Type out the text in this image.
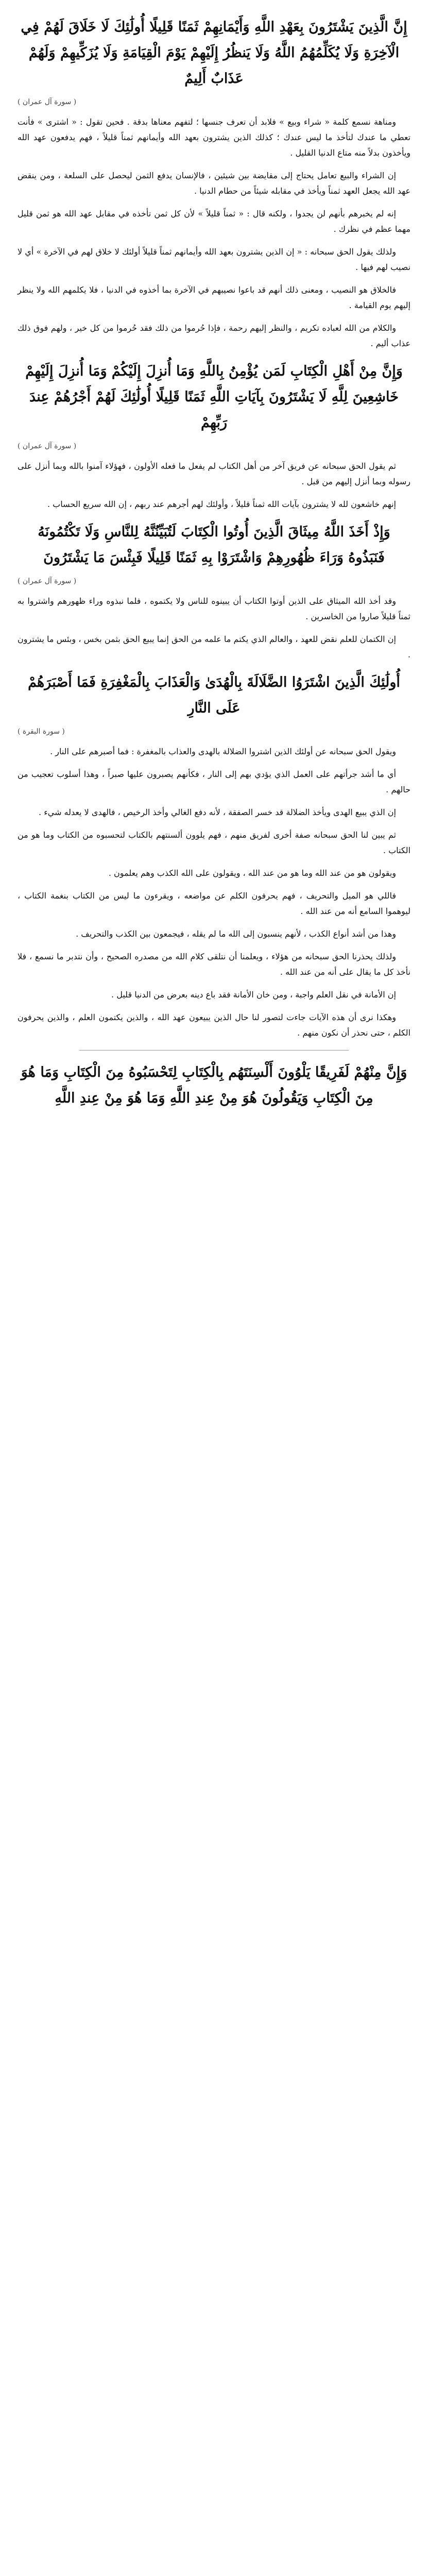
إِنَّ الَّذِينَ يَشْتَرُونَ بِعَهْدِ اللَّهِ وَأَيْمَانِهِمْ ثَمَنًا قَلِيلًا أُولَٰئِكَ لَا خَلَاقَ لَهُمْ فِي الْآخِرَةِ وَلَا يُكَلِّمُهُمُ اللَّهُ وَلَا يَنظُرُ إِلَيْهِمْ يَوْمَ الْقِيَامَةِ وَلَا يُزَكِّيهِمْ وَلَهُمْ عَذَابٌ أَلِيمٌ
( سورة آل عمران )

ومناهة نسمع كلمة « شراء وبيع » فلابد أن تعرف جنسها ؛ لتفهم معناها بدقة . فحين تقول : « اشترى » فأنت تعطي ما عندك لتأخذ ما ليس عندك ؛ كذلك الذين يشترون بعهد الله وأيمانهم ثمناً قليلاً ، فهم يدفعون عهد الله ويأخذون بدلاً منه متاع الدنيا القليل .

إن الشراء والبيع تعامل يحتاج إلى مقايضة بين شيئين ، فالإنسان يدفع الثمن ليحصل على السلعة ، ومن ينقض عهد الله يجعل العهد ثمناً ويأخذ في مقابله شيئاً من حطام الدنيا .

إنه لم يخبرهم بأنهم لن يجدوا ، ولكنه قال : « ثمناً قليلاً » لأن كل ثمن تأخذه في مقابل عهد الله هو ثمن قليل مهما عظم في نظرك .

ولذلك يقول الحق سبحانه : « إن الذين يشترون بعهد الله وأيمانهم ثمناً قليلاً أولئك لا خلاق لهم في الآخرة » أي لا نصيب لهم فيها .

فالخلاق هو النصيب ، ومعنى ذلك أنهم قد باعوا نصيبهم في الآخرة بما أخذوه في الدنيا ، فلا يكلمهم الله ولا ينظر إليهم يوم القيامة .

والكلام من الله لعباده تكريم ، والنظر إليهم رحمة ، فإذا حُرموا من ذلك فقد حُرموا من كل خير ، ولهم فوق ذلك عذاب أليم .

وَإِنَّ مِنْ أَهْلِ الْكِتَابِ لَمَن يُؤْمِنُ بِاللَّهِ وَمَا أُنزِلَ إِلَيْكُمْ وَمَا أُنزِلَ إِلَيْهِمْ خَاشِعِينَ لِلَّهِ لَا يَشْتَرُونَ بِآيَاتِ اللَّهِ ثَمَنًا قَلِيلًا أُولَٰئِكَ لَهُمْ أَجْرُهُمْ عِندَ رَبِّهِمْ
( سورة آل عمران )

ثم يقول الحق سبحانه عن فريق آخر من أهل الكتاب لم يفعل ما فعله الأولون ، فهؤلاء آمنوا بالله وبما أنزل على رسوله وبما أنزل إليهم من قبل .

إنهم خاشعون لله لا يشترون بآيات الله ثمناً قليلاً ، وأولئك لهم أجرهم عند ربهم ، إن الله سريع الحساب .

وَإِذْ أَخَذَ اللَّهُ مِيثَاقَ الَّذِينَ أُوتُوا الْكِتَابَ لَتُبَيِّنُنَّهُ لِلنَّاسِ وَلَا تَكْتُمُونَهُ فَنَبَذُوهُ وَرَاءَ ظُهُورِهِمْ وَاشْتَرَوْا بِهِ ثَمَنًا قَلِيلًا فَبِئْسَ مَا يَشْتَرُونَ
( سورة آل عمران )

وقد أخذ الله الميثاق على الذين أوتوا الكتاب أن يبينوه للناس ولا يكتموه ، فلما نبذوه وراء ظهورهم واشتروا به ثمناً قليلاً صاروا من الخاسرين .

إن الكتمان للعلم نقض للعهد ، والعالم الذي يكتم ما علمه من الحق إنما يبيع الحق بثمن بخس ، وبئس ما يشترون .

أُولَٰئِكَ الَّذِينَ اشْتَرَوُا الضَّلَالَةَ بِالْهُدَىٰ وَالْعَذَابَ بِالْمَغْفِرَةِ فَمَا أَصْبَرَهُمْ عَلَى النَّارِ
( سورة البقرة )

ويقول الحق سبحانه عن أولئك الذين اشتروا الضلالة بالهدى والعذاب بالمغفرة : فما أصبرهم على النار .

أي ما أشد جرأتهم على العمل الذي يؤدي بهم إلى النار ، فكأنهم يصبرون عليها صبراً ، وهذا أسلوب تعجيب من حالهم .

إن الذي يبيع الهدى ويأخذ الضلالة قد خسر الصفقة ، لأنه دفع الغالي وأخذ الرخيص ، فالهدى لا يعدله شيء .

ثم يبين لنا الحق سبحانه صفة أخرى لفريق منهم ، فهم يلوون ألسنتهم بالكتاب لتحسبوه من الكتاب وما هو من الكتاب .

ويقولون هو من عند الله وما هو من عند الله ، ويقولون على الله الكذب وهم يعلمون .

فاللي هو الميل والتحريف ، فهم يحرفون الكلم عن مواضعه ، ويقرءون ما ليس من الكتاب بنغمة الكتاب ، ليوهموا السامع أنه من عند الله .

وهذا من أشد أنواع الكذب ، لأنهم ينسبون إلى الله ما لم يقله ، فيجمعون بين الكذب والتحريف .

ولذلك يحذرنا الحق سبحانه من هؤلاء ، ويعلمنا أن نتلقى كلام الله من مصدره الصحيح ، وأن نتدبر ما نسمع ، فلا نأخذ كل ما يقال على أنه من عند الله .

إن الأمانة في نقل العلم واجبة ، ومن خان الأمانة فقد باع دينه بعرض من الدنيا قليل .

وهكذا نرى أن هذه الآيات جاءت لتصور لنا حال الذين يبيعون عهد الله ، والذين يكتمون العلم ، والذين يحرفون الكلم ، حتى نحذر أن نكون منهم .

وَإِنَّ مِنْهُمْ لَفَرِيقًا يَلْوُونَ أَلْسِنَتَهُم بِالْكِتَابِ لِتَحْسَبُوهُ مِنَ الْكِتَابِ وَمَا هُوَ مِنَ الْكِتَابِ وَيَقُولُونَ هُوَ مِنْ عِندِ اللَّهِ وَمَا هُوَ مِنْ عِندِ اللَّهِ
